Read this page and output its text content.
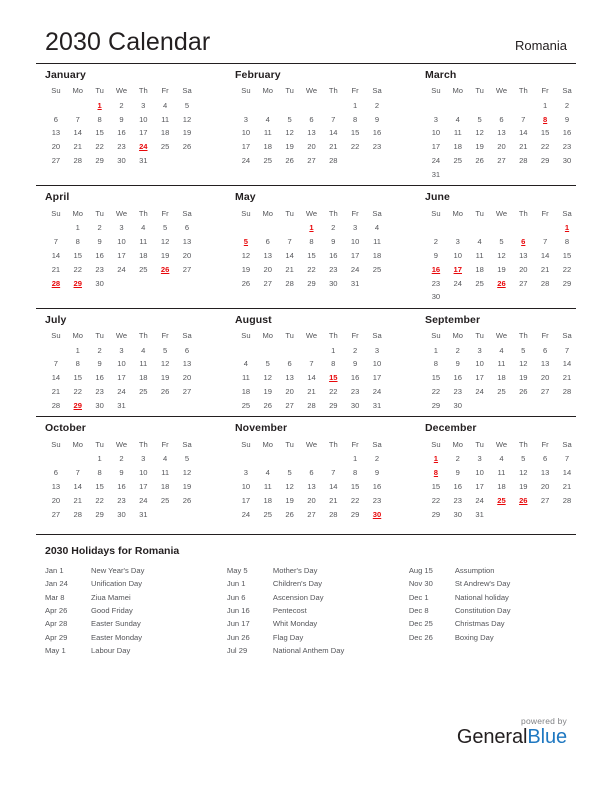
2030 Calendar	Romania
January
Su	Mo	Tu	We	Th	Fr	Sa
		1	2	3	4	5
6	7	8	9	10	11	12
13	14	15	16	17	18	19
20	21	22	23	24	25	26
27	28	29	30	31		
February
Su	Mo	Tu	We	Th	Fr	Sa
					1	2
3	4	5	6	7	8	9
10	11	12	13	14	15	16
17	18	19	20	21	22	23
24	25	26	27	28		
March
Su	Mo	Tu	We	Th	Fr	Sa
					1	2
3	4	5	6	7	8	9
10	11	12	13	14	15	16
17	18	19	20	21	22	23
24	25	26	27	28	29	30
31						
April
Su	Mo	Tu	We	Th	Fr	Sa
	1	2	3	4	5	6
7	8	9	10	11	12	13
14	15	16	17	18	19	20
21	22	23	24	25	26	27
28	29	30				
May
Su	Mo	Tu	We	Th	Fr	Sa
			1	2	3	4
5	6	7	8	9	10	11
12	13	14	15	16	17	18
19	20	21	22	23	24	25
26	27	28	29	30	31	
June
Su	Mo	Tu	We	Th	Fr	Sa
						1
2	3	4	5	6	7	8
9	10	11	12	13	14	15
16	17	18	19	20	21	22
23	24	25	26	27	28	29
30						
July
Su	Mo	Tu	We	Th	Fr	Sa
	1	2	3	4	5	6
7	8	9	10	11	12	13
14	15	16	17	18	19	20
21	22	23	24	25	26	27
28	29	30	31			
August
Su	Mo	Tu	We	Th	Fr	Sa
				1	2	3
4	5	6	7	8	9	10
11	12	13	14	15	16	17
18	19	20	21	22	23	24
25	26	27	28	29	30	31
September
Su	Mo	Tu	We	Th	Fr	Sa
1	2	3	4	5	6	7
8	9	10	11	12	13	14
15	16	17	18	19	20	21
22	23	24	25	26	27	28
29	30					
October
Su	Mo	Tu	We	Th	Fr	Sa
		1	2	3	4	5
6	7	8	9	10	11	12
13	14	15	16	17	18	19
20	21	22	23	24	25	26
27	28	29	30	31		
November
Su	Mo	Tu	We	Th	Fr	Sa
					1	2
3	4	5	6	7	8	9
10	11	12	13	14	15	16
17	18	19	20	21	22	23
24	25	26	27	28	29	30
December
Su	Mo	Tu	We	Th	Fr	Sa
1	2	3	4	5	6	7
8	9	10	11	12	13	14
15	16	17	18	19	20	21
22	23	24	25	26	27	28
29	30	31				
2030 Holidays for Romania
Jan 1	New Year's Day
Jan 24	Unification Day
Mar 8	Ziua Mamei
Apr 26	Good Friday
Apr 28	Easter Sunday
Apr 29	Easter Monday
May 1	Labour Day
May 5	Mother's Day
Jun 1	Children's Day
Jun 6	Ascension Day
Jun 16	Pentecost
Jun 17	Whit Monday
Jun 26	Flag Day
Jul 29	National Anthem Day
Aug 15	Assumption
Nov 30	St Andrew's Day
Dec 1	National holiday
Dec 8	Constitution Day
Dec 25	Christmas Day
Dec 26	Boxing Day
powered by
GeneralBlue
